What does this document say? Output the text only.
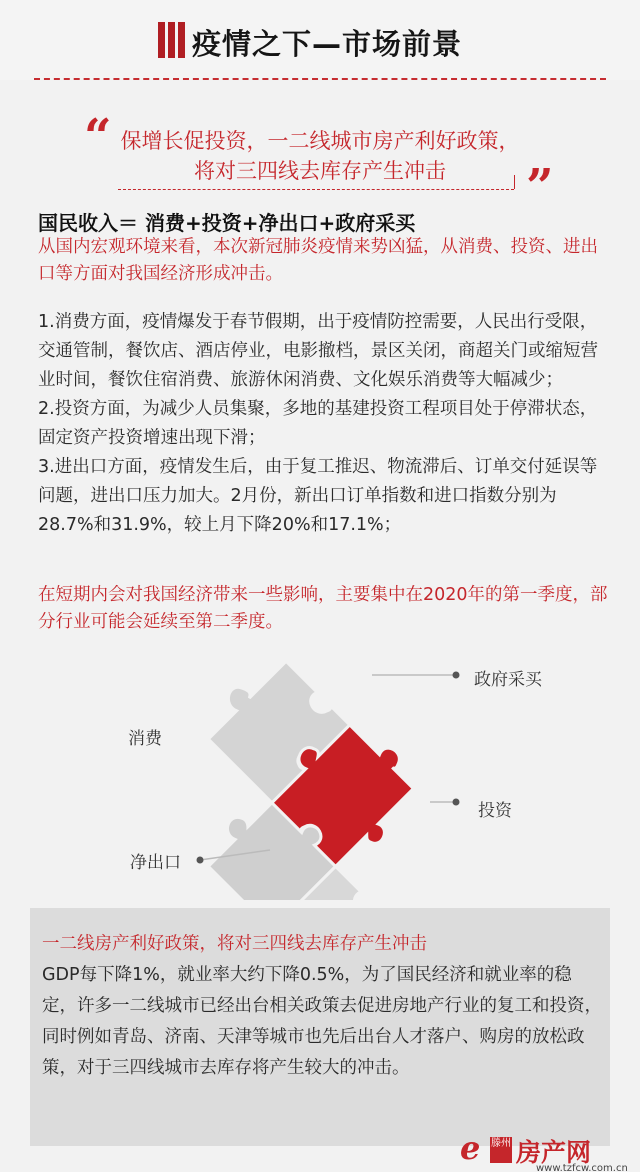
疫情之下—市场前景
“ 保增长促投资，一二线城市房产利好政策，
将对三四线去库存产生冲击	”
国民收入＝ 消费+投资+净出口+政府采买
从国内宏观环境来看，本次新冠肺炎疫情来势凶猛，从消费、投资、进出口等方面对我国经济形成冲击。
1.消费方面，疫情爆发于春节假期，出于疫情防控需要，人民出行受限，交通管制，餐饮店、酒店停业，电影撤档，景区关闭，商超关门或缩短营业时间，餐饮住宿消费、旅游休闲消费、文化娱乐消费等大幅减少；
2.投资方面，为减少人员集聚，多地的基建投资工程项目处于停滞状态，固定资产投资增速出现下滑；
3.进出口方面，疫情发生后，由于复工推迟、物流滞后、订单交付延误等问题，进出口压力加大。2月份，新出口订单指数和进口指数分别为28.7%和31.9%，较上月下降20%和17.1%；
在短期内会对我国经济带来一些影响，主要集中在2020年的第一季度，部分行业可能会延续至第二季度。
政府采买
消费
投资
净出口
一二线房产利好政策，将对三四线去库存产生冲击
GDP每下降1%，就业率大约下降0.5%，为了国民经济和就业率的稳定，许多一二线城市已经出台相关政策去促进房地产行业的复工和投资，同时例如青岛、济南、天津等城市也先后出台人才落户、购房的放松政策，对于三四线城市去库存将产生较大的冲击。
e 滕州 房产网
www.tzfcw.com.cn
